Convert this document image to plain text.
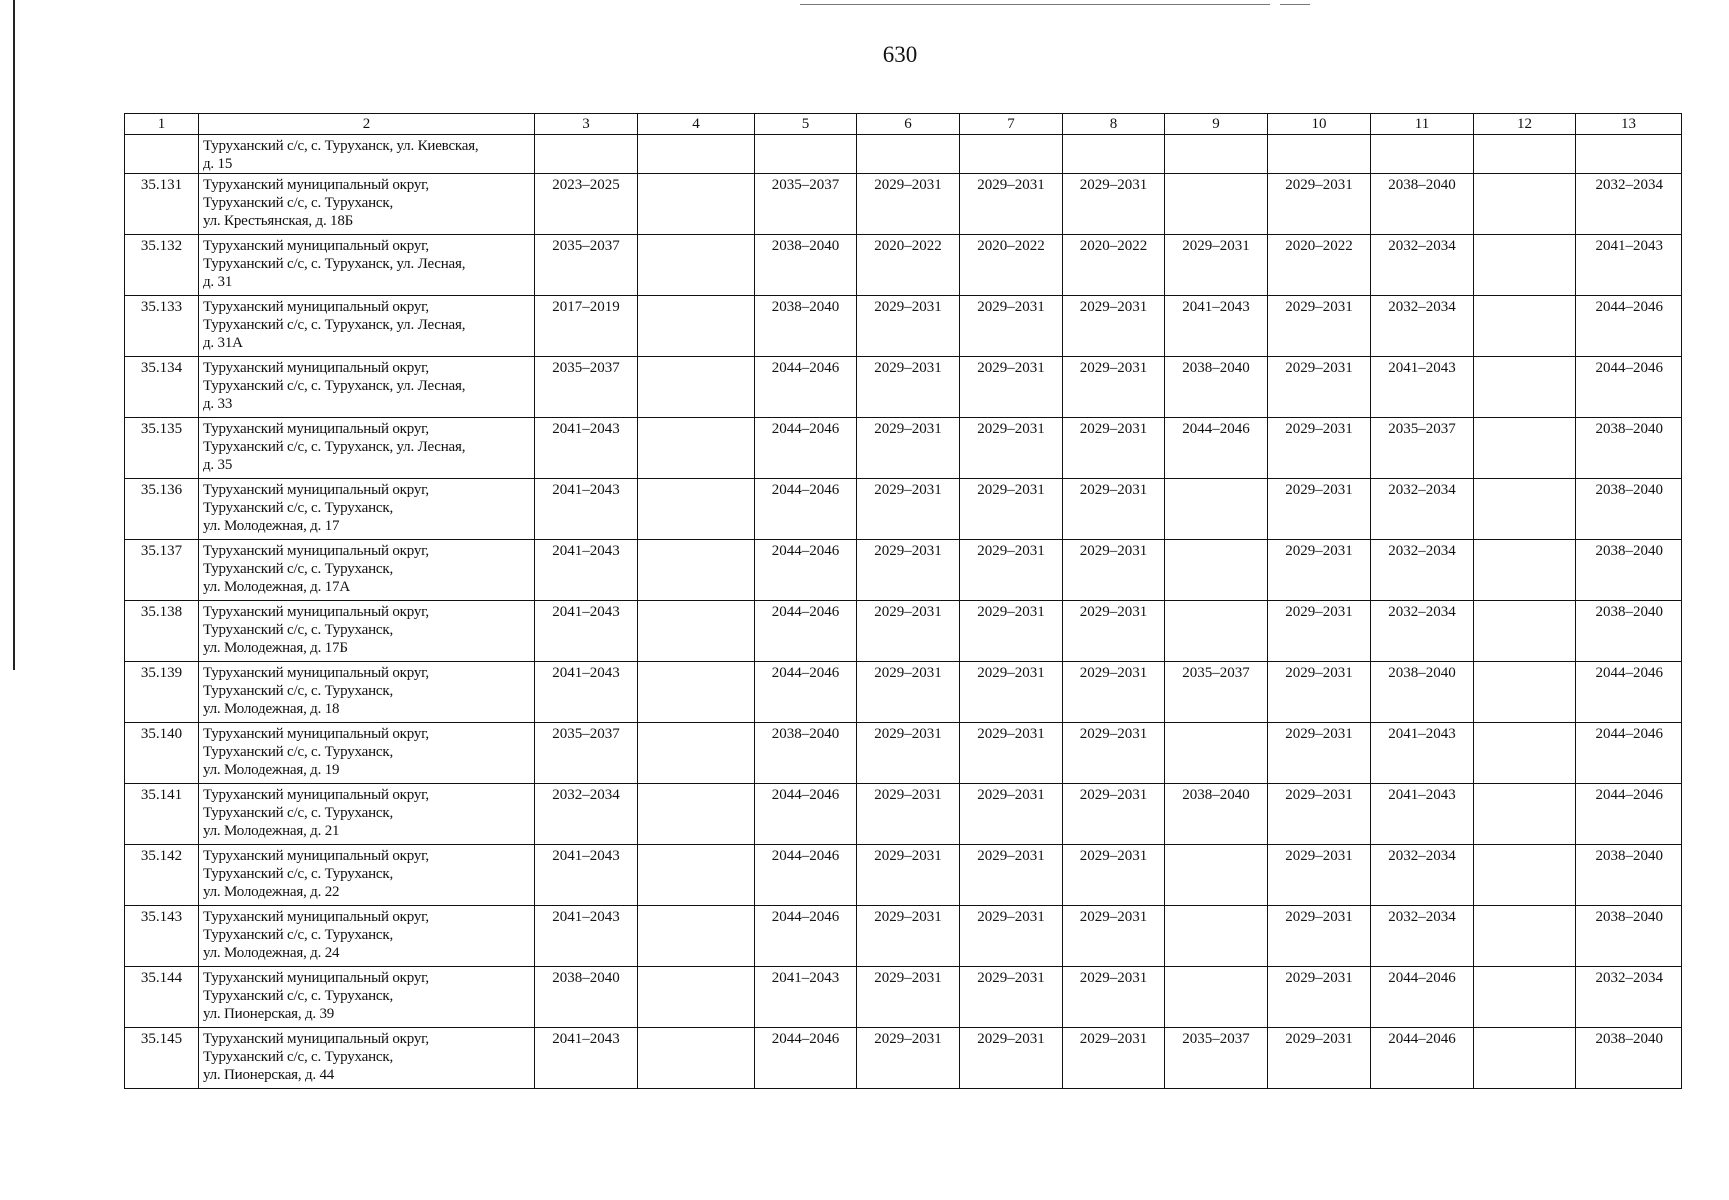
630
1	2	3	4	5	6	7	8	9	10	11	12	13

	Туруханский с/с, с. Туруханск, ул. Киевская,
д. 15											

35.131	Туруханский муниципальный округ,
Туруханский с/с, с. Туруханск,
ул. Крестьянская, д. 18Б	2023–2025		2035–2037	2029–2031	2029–2031	2029–2031		2029–2031	2038–2040		2032–2034
35.132	Туруханский муниципальный округ,
Туруханский с/с, с. Туруханск, ул. Лесная,
д. 31	2035–2037		2038–2040	2020–2022	2020–2022	2020–2022	2029–2031	2020–2022	2032–2034		2041–2043
35.133	Туруханский муниципальный округ,
Туруханский с/с, с. Туруханск, ул. Лесная,
д. 31А	2017–2019		2038–2040	2029–2031	2029–2031	2029–2031	2041–2043	2029–2031	2032–2034		2044–2046
35.134	Туруханский муниципальный округ,
Туруханский с/с, с. Туруханск, ул. Лесная,
д. 33	2035–2037		2044–2046	2029–2031	2029–2031	2029–2031	2038–2040	2029–2031	2041–2043		2044–2046
35.135	Туруханский муниципальный округ,
Туруханский с/с, с. Туруханск, ул. Лесная,
д. 35	2041–2043		2044–2046	2029–2031	2029–2031	2029–2031	2044–2046	2029–2031	2035–2037		2038–2040
35.136	Туруханский муниципальный округ,
Туруханский с/с, с. Туруханск,
ул. Молодежная, д. 17	2041–2043		2044–2046	2029–2031	2029–2031	2029–2031		2029–2031	2032–2034		2038–2040
35.137	Туруханский муниципальный округ,
Туруханский с/с, с. Туруханск,
ул. Молодежная, д. 17А	2041–2043		2044–2046	2029–2031	2029–2031	2029–2031		2029–2031	2032–2034		2038–2040
35.138	Туруханский муниципальный округ,
Туруханский с/с, с. Туруханск,
ул. Молодежная, д. 17Б	2041–2043		2044–2046	2029–2031	2029–2031	2029–2031		2029–2031	2032–2034		2038–2040
35.139	Туруханский муниципальный округ,
Туруханский с/с, с. Туруханск,
ул. Молодежная, д. 18	2041–2043		2044–2046	2029–2031	2029–2031	2029–2031	2035–2037	2029–2031	2038–2040		2044–2046
35.140	Туруханский муниципальный округ,
Туруханский с/с, с. Туруханск,
ул. Молодежная, д. 19	2035–2037		2038–2040	2029–2031	2029–2031	2029–2031		2029–2031	2041–2043		2044–2046
35.141	Туруханский муниципальный округ,
Туруханский с/с, с. Туруханск,
ул. Молодежная, д. 21	2032–2034		2044–2046	2029–2031	2029–2031	2029–2031	2038–2040	2029–2031	2041–2043		2044–2046
35.142	Туруханский муниципальный округ,
Туруханский с/с, с. Туруханск,
ул. Молодежная, д. 22	2041–2043		2044–2046	2029–2031	2029–2031	2029–2031		2029–2031	2032–2034		2038–2040
35.143	Туруханский муниципальный округ,
Туруханский с/с, с. Туруханск,
ул. Молодежная, д. 24	2041–2043		2044–2046	2029–2031	2029–2031	2029–2031		2029–2031	2032–2034		2038–2040
35.144	Туруханский муниципальный округ,
Туруханский с/с, с. Туруханск,
ул. Пионерская, д. 39	2038–2040		2041–2043	2029–2031	2029–2031	2029–2031		2029–2031	2044–2046		2032–2034
35.145	Туруханский муниципальный округ,
Туруханский с/с, с. Туруханск,
ул. Пионерская, д. 44	2041–2043		2044–2046	2029–2031	2029–2031	2029–2031	2035–2037	2029–2031	2044–2046		2038–2040
